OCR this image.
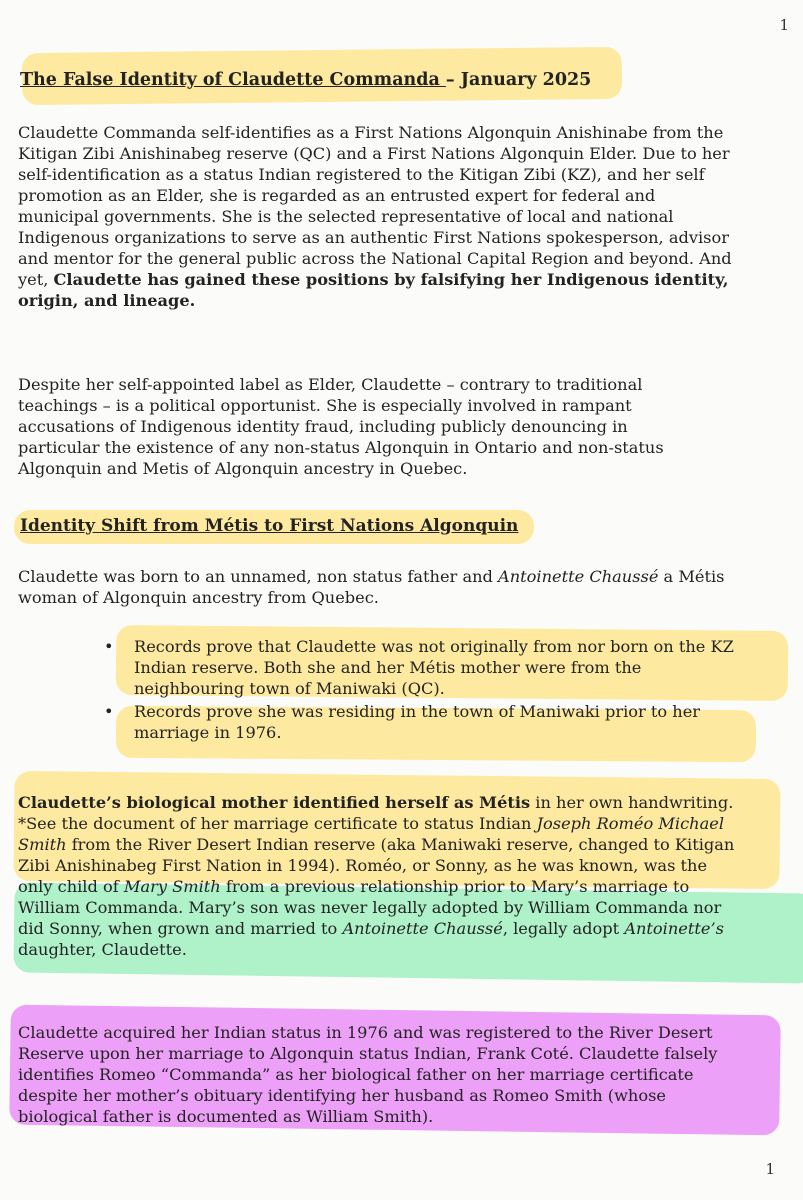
1
The False Identity of Claudette Commanda – January 2025

Claudette Commanda self-identifies as a First Nations Algonquin Anishinabe from the

Kitigan Zibi Anishinabeg reserve (QC) and a First Nations Algonquin Elder. Due to her

self-identification as a status Indian registered to the Kitigan Zibi (KZ), and her self

promotion as an Elder, she is regarded as an entrusted expert for federal and

municipal governments. She is the selected representative of local and national

Indigenous organizations to serve as an authentic First Nations spokesperson, advisor

and mentor for the general public across the National Capital Region and beyond. And

yet, Claudette has gained these positions by falsifying her Indigenous identity,

origin, and lineage.

Despite her self-appointed label as Elder, Claudette – contrary to traditional

teachings – is a political opportunist. She is especially involved in rampant

accusations of Indigenous identity fraud, including publicly denouncing in

particular the existence of any non-status Algonquin in Ontario and non-status

Algonquin and Metis of Algonquin ancestry in Quebec.

Identity Shift from Métis to First Nations Algonquin

Claudette was born to an unnamed, non status father and Antoinette Chaussé a Métis

woman of Algonquin ancestry from Quebec.

• Records prove that Claudette was not originally from nor born on the KZ
Indian reserve. Both she and her Métis mother were from the
neighbouring town of Maniwaki (QC).
• Records prove she was residing in the town of Maniwaki prior to her
marriage in 1976.

Claudette’s biological mother identified herself as Métis in her own handwriting.

*See the document of her marriage certificate to status Indian Joseph Roméo Michael

Smith from the River Desert Indian reserve (aka Maniwaki reserve, changed to Kitigan

Zibi Anishinabeg First Nation in 1994). Roméo, or Sonny, as he was known, was the

only child of Mary Smith from a previous relationship prior to Mary’s marriage to

William Commanda. Mary’s son was never legally adopted by William Commanda nor

did Sonny, when grown and married to Antoinette Chaussé, legally adopt Antoinette’s

daughter, Claudette.

Claudette acquired her Indian status in 1976 and was registered to the River Desert

Reserve upon her marriage to Algonquin status Indian, Frank Coté. Claudette falsely

identifies Romeo “Commanda” as her biological father on her marriage certificate

despite her mother’s obituary identifying her husband as Romeo Smith (whose

biological father is documented as William Smith).

1
